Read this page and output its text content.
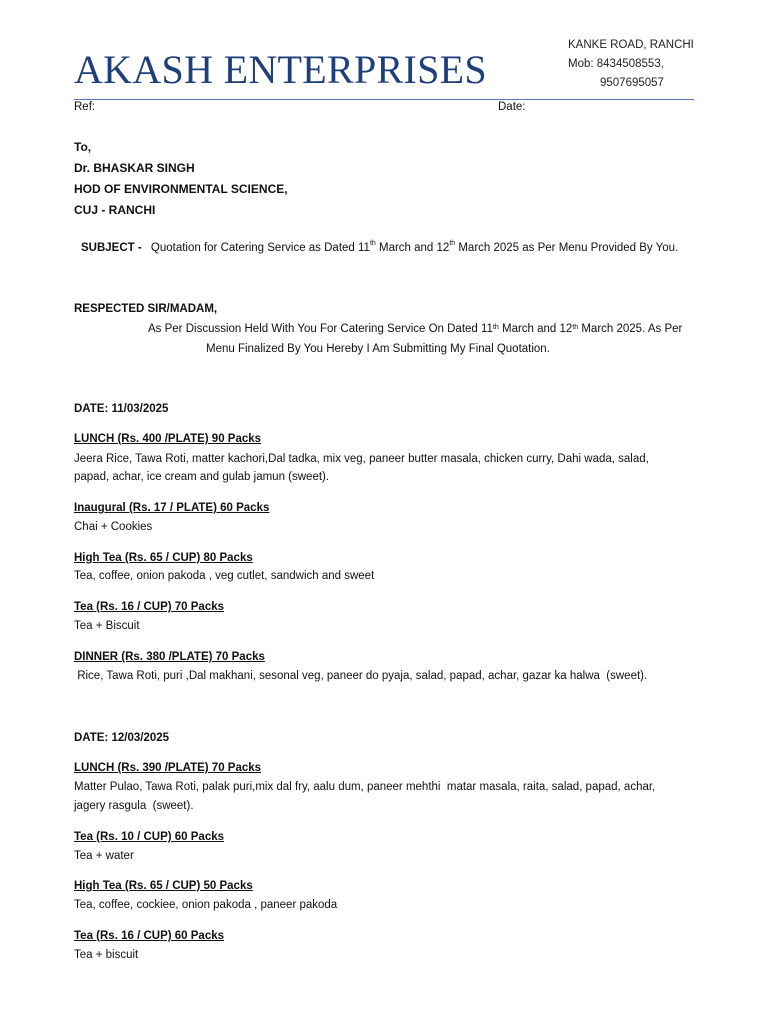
AKASH ENTERPRISES
KANKE ROAD, RANCHI
Mob: 8434508553,
9507695057
Ref:	Date:
To,
Dr. BHASKAR SINGH
HOD OF ENVIRONMENTAL SCIENCE,
CUJ - RANCHI
SUBJECT - Quotation for Catering Service as Dated 11th March and 12th March 2025 as Per Menu Provided By You.
RESPECTED SIR/MADAM,
As Per Discussion Held With You For Catering Service On Dated 11th March and 12th March 2025. As Per
Menu Finalized By You Hereby I Am Submitting My Final Quotation.
DATE: 11/03/2025
LUNCH (Rs. 400 /PLATE) 90 Packs
Jeera Rice, Tawa Roti, matter kachori,Dal tadka, mix veg, paneer butter masala, chicken curry, Dahi wada, salad,
papad, achar, ice cream and gulab jamun (sweet).
Inaugural (Rs. 17 / PLATE) 60 Packs
Chai + Cookies
High Tea (Rs. 65 / CUP) 80 Packs
Tea, coffee, onion pakoda , veg cutlet, sandwich and sweet
Tea (Rs. 16 / CUP) 70 Packs
Tea + Biscuit
DINNER (Rs. 380 /PLATE) 70 Packs
Rice, Tawa Roti, puri ,Dal makhani, sesonal veg, paneer do pyaja, salad, papad, achar, gazar ka halwa  (sweet).
DATE: 12/03/2025
LUNCH (Rs. 390 /PLATE) 70 Packs
Matter Pulao, Tawa Roti, palak puri,mix dal fry, aalu dum, paneer mehthi  matar masala, raita, salad, papad, achar,
jagery rasgula  (sweet).
Tea (Rs. 10 / CUP) 60 Packs
Tea + water
High Tea (Rs. 65 / CUP) 50 Packs
Tea, coffee, cockiee, onion pakoda , paneer pakoda
Tea (Rs. 16 / CUP) 60 Packs
Tea + biscuit
